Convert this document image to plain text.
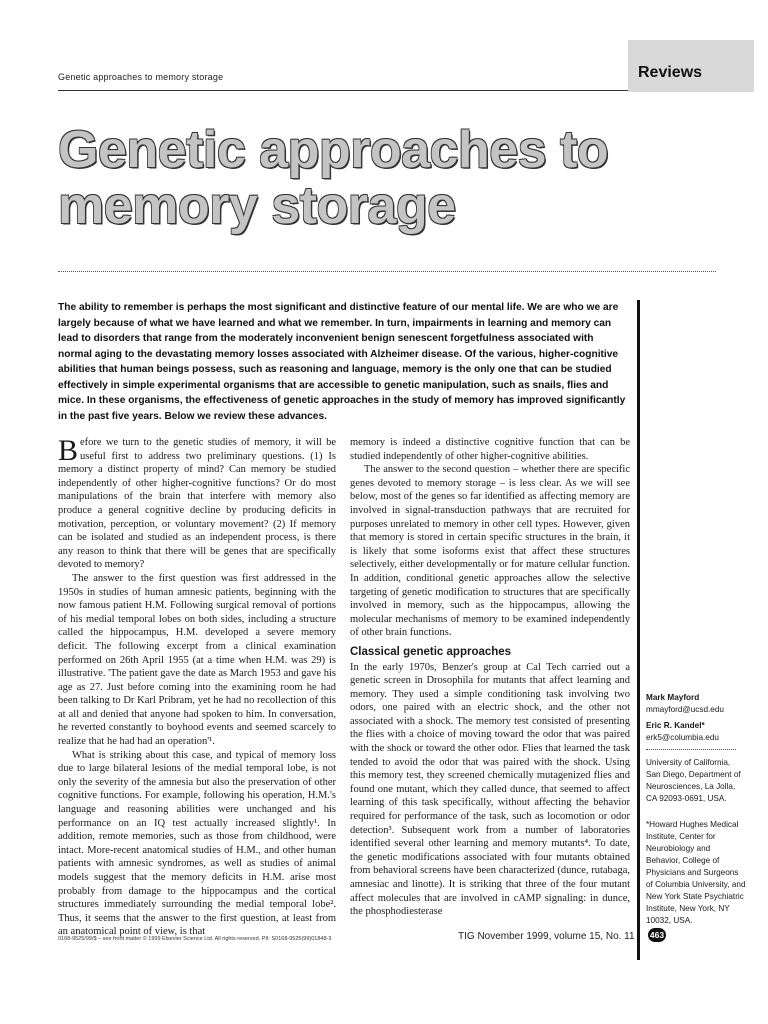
Genetic approaches to memory storage	Reviews
Genetic approaches to
memory storage

The ability to remember is perhaps the most significant and distinctive feature of our mental life. We are who we are largely because of what we have learned and what we remember. In turn, impairments in learning and memory can lead to disorders that range from the moderately inconvenient benign senescent forgetfulness associated with normal aging to the devastating memory losses associated with Alzheimer disease. Of the various, higher-cognitive abilities that human beings possess, such as reasoning and language, memory is the only one that can be studied effectively in simple experimental organisms that are accessible to genetic manipulation, such as snails, flies and mice. In these organisms, the effectiveness of genetic approaches in the study of memory has improved significantly in the past five years. Below we review these advances.

Before we turn to the genetic studies of memory, it will be useful first to address two preliminary questions. (1) Is memory a distinct property of mind? Can memory be studied independently of other higher-cognitive functions? Or do most manipulations of the brain that interfere with memory also produce a general cognitive decline by producing deficits in motivation, perception, or voluntary movement? (2) If memory can be isolated and studied as an independent process, is there any reason to think that there will be genes that are specifically devoted to memory?

The answer to the first question was first addressed in the 1950s in studies of human amnesic patients, beginning with the now famous patient H.M. Following surgical removal of portions of his medial temporal lobes on both sides, including a structure called the hippocampus, H.M. developed a severe memory deficit. The following excerpt from a clinical examination performed on 26th April 1955 (at a time when H.M. was 29) is illustrative. 'The patient gave the date as March 1953 and gave his age as 27. Just before coming into the examining room he had been talking to Dr Karl Pribram, yet he had no recollection of this at all and denied that anyone had spoken to him. In conversation, he reverted constantly to boyhood events and seemed scarcely to realize that he had had an operation'¹.

What is striking about this case, and typical of memory loss due to large bilateral lesions of the medial temporal lobe, is not only the severity of the amnesia but also the preservation of other cognitive functions. For example, following his operation, H.M.'s language and reasoning abilities were unchanged and his performance on an IQ test actually increased slightly¹. In addition, remote memories, such as those from childhood, were intact. More-recent anatomical studies of H.M., and other human patients with amnesic syndromes, as well as studies of animal models suggest that the memory deficits in H.M. arise most probably from damage to the hippocampus and the cortical structures immediately surrounding the medial temporal lobe². Thus, it seems that the answer to the first question, at least from an anatomical point of view, is that

memory is indeed a distinctive cognitive function that can be studied independently of other higher-cognitive abilities.

The answer to the second question – whether there are specific genes devoted to memory storage – is less clear. As we will see below, most of the genes so far identified as affecting memory are involved in signal-transduction pathways that are recruited for purposes unrelated to memory in other cell types. However, given that memory is stored in certain specific structures in the brain, it is likely that some isoforms exist that affect these structures selectively, either developmentally or for mature cellular function. In addition, conditional genetic approaches allow the selective targeting of genetic modification to structures that are specifically involved in memory, such as the hippocampus, allowing the molecular mechanisms of memory to be examined independently of other brain functions.

Classical genetic approaches

In the early 1970s, Benzer's group at Cal Tech carried out a genetic screen in Drosophila for mutants that affect learning and memory. They used a simple conditioning task involving two odors, one paired with an electric shock, and the other not associated with a shock. The memory test consisted of presenting the flies with a choice of moving toward the odor that was paired with the shock or toward the other odor. Flies that learned the task tended to avoid the odor that was paired with the shock. Using this memory test, they screened chemically mutagenized flies and found one mutant, which they called dunce, that seemed to affect learning of this task specifically, without affecting the behavior required for performance of the task, such as locomotion or odor detection³. Subsequent work from a number of laboratories identified several other learning and memory mutants⁴. To date, the genetic modifications associated with four mutants obtained from behavioral screens have been characterized (dunce, rutabaga, amnesiac and linotte). It is striking that three of the four mutant affect molecules that are involved in cAMP signaling: in dunce, the phosphodiesterase

Mark Mayford
mmayford@ucsd.edu
Eric R. Kandel*
erk5@columbia.edu
University of California, San Diego, Department of Neurosciences, La Jolla, CA 92093-0691, USA.
*Howard Hughes Medical Institute, Center for Neurobiology and Behavior, College of Physicians and Surgeons of Columbia University, and New York State Psychiatric Institute, New York, NY 10032, USA.
0168-9525/99/$ – see front matter © 1999 Elsevier Science Ltd. All rights reserved. PII: S0168-9525(99)01848-3	TIG November 1999, volume 15, No. 11 463
